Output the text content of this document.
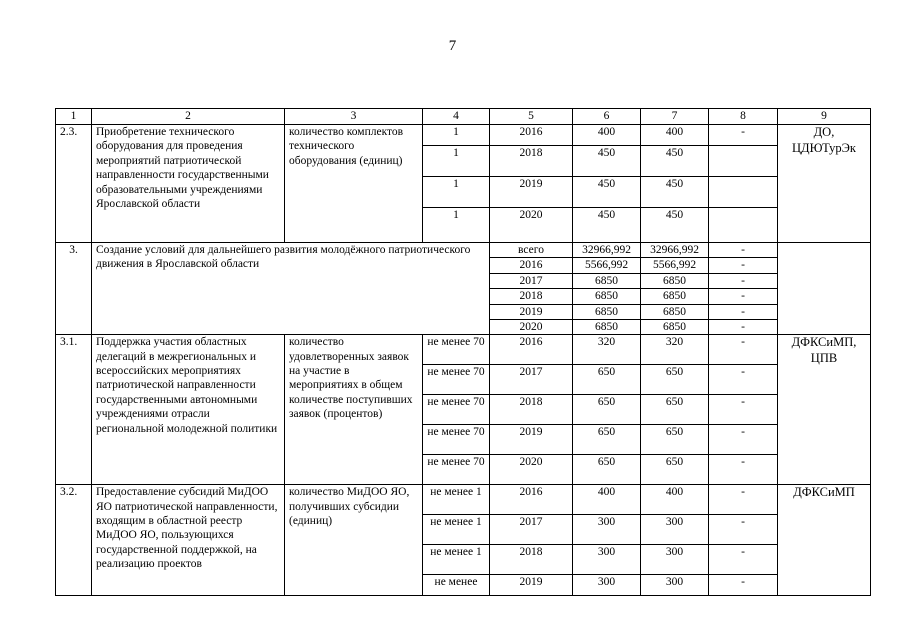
7
1	2	3	4	5	6	7	8	9
2.3.	Приобретение технического оборудования для проведения мероприятий патриотической направленности государственными образовательными учреждениями Ярославской области	количество комплектов технического оборудования (единиц)	1	2016	400	400	-	ДО, ЦДЮТурЭк
			1	2018	450	450		
			1	2019	450	450		
			1	2020	450	450		
3.	Создание условий для дальнейшего развития молодёжного патриотического движения в Ярославской области			всего	32966,992	32966,992	-	
				2016	5566,992	5566,992	-	
				2017	6850	6850	-	
				2018	6850	6850	-	
				2019	6850	6850	-	
				2020	6850	6850	-	
3.1.	Поддержка участия областных делегаций в межрегиональных и всероссийских мероприятиях патриотической направленности государственными автономными учреждениями отрасли региональной молодежной политики	количество удовлетворенных заявок на участие в мероприятиях в общем количестве поступивших заявок (процентов)	не менее 70	2016	320	320	-	ДФКСиМП, ЦПВ
			не менее 70	2017	650	650	-	
			не менее 70	2018	650	650	-	
			не менее 70	2019	650	650	-	
			не менее 70	2020	650	650	-	
3.2.	Предоставление субсидий МиДОО ЯО патриотической направленности, входящим в областной реестр МиДОО ЯО, пользующихся государственной поддержкой, на реализацию проектов	количество МиДОО ЯО, получивших субсидии (единиц)	не менее 1	2016	400	400	-	ДФКСиМП
			не менее 1	2017	300	300	-	
			не менее 1	2018	300	300	-	
			не менее	2019	300	300	-	
